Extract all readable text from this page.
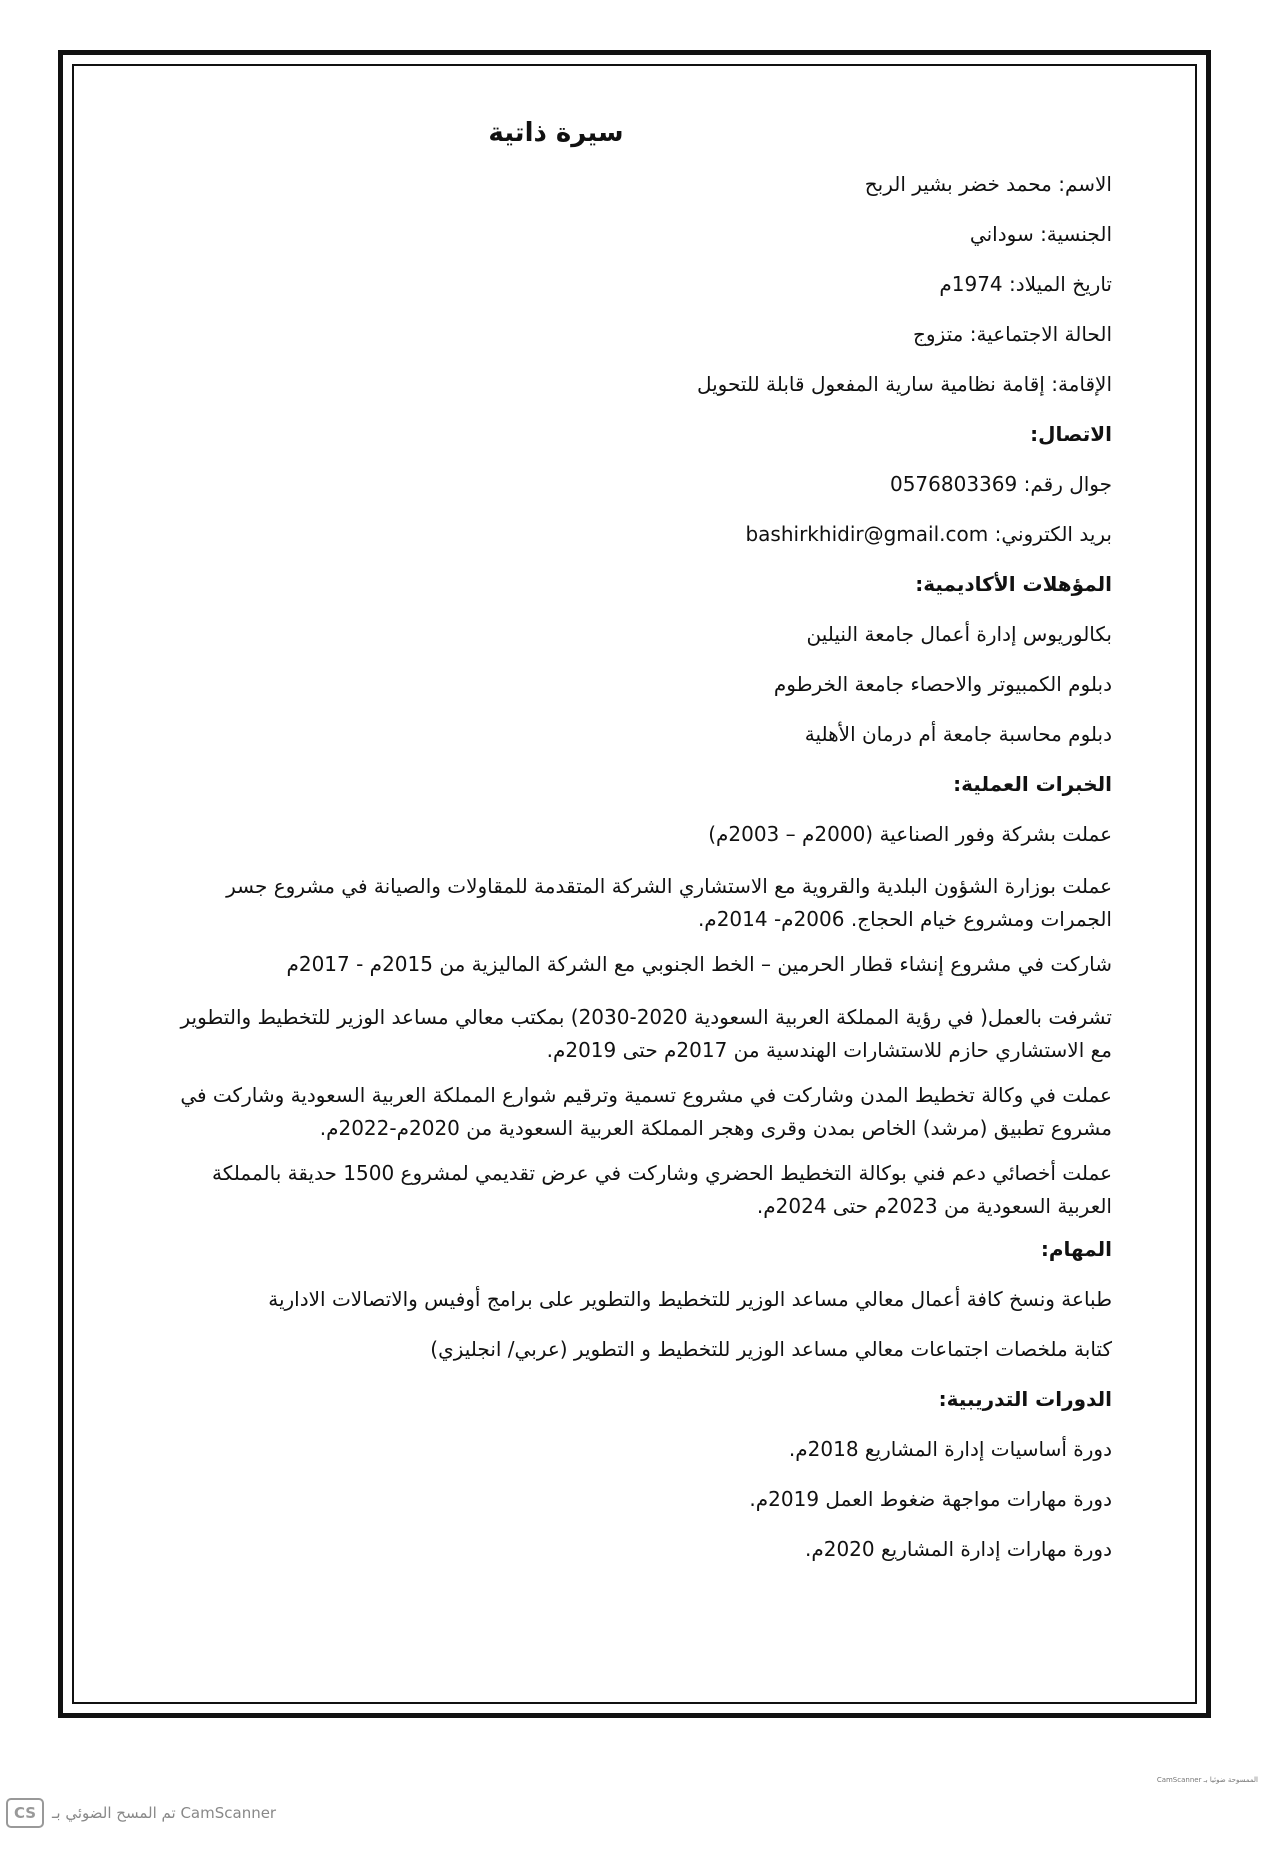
سيرة ذاتية
الاسم: محمد خضر بشير الربح
الجنسية: سوداني
تاريخ الميلاد: 1974م
الحالة الاجتماعية: متزوج
الإقامة: إقامة نظامية سارية المفعول قابلة للتحويل
الاتصال:
جوال رقم: 0576803369
بريد الكتروني: bashirkhidir@gmail.com
المؤهلات الأكاديمية:
بكالوريوس إدارة أعمال جامعة النيلين
دبلوم الكمبيوتر والاحصاء جامعة الخرطوم
دبلوم محاسبة جامعة أم درمان الأهلية
الخبرات العملية:
عملت بشركة وفور الصناعية (2000م – 2003م)

عملت بوزارة الشؤون البلدية والقروية مع الاستشاري الشركة المتقدمة للمقاولات والصيانة في مشروع جسر الجمرات ومشروع خيام الحجاج. 2006م- 2014م.

شاركت في مشروع إنشاء قطار الحرمين – الخط الجنوبي مع الشركة الماليزية من 2015م - 2017م

تشرفت بالعمل( في رؤية المملكة العربية السعودية 2020-2030) بمكتب معالي مساعد الوزير للتخطيط والتطوير مع الاستشاري حازم للاستشارات الهندسية من 2017م حتى 2019م.

عملت في وكالة تخطيط المدن وشاركت في مشروع تسمية وترقيم شوارع المملكة العربية السعودية وشاركت في مشروع تطبيق (مرشد) الخاص بمدن وقرى وهجر المملكة العربية السعودية من 2020م-2022م.

عملت أخصائي دعم فني بوكالة التخطيط الحضري وشاركت في عرض تقديمي لمشروع 1500 حديقة بالمملكة العربية السعودية من 2023م حتى 2024م.

المهام:
طباعة ونسخ كافة أعمال معالي مساعد الوزير للتخطيط والتطوير على برامج أوفيس والاتصالات الادارية
كتابة ملخصات اجتماعات معالي مساعد الوزير للتخطيط و التطوير (عربي/ انجليزي)
الدورات التدريبية:
دورة أساسيات إدارة المشاريع 2018م.
دورة مهارات مواجهة ضغوط العمل 2019م.
دورة مهارات إدارة المشاريع 2020م.
CS	تم المسح الضوئي بـ CamScanner
الممسوحة ضوئيا بـ CamScanner
